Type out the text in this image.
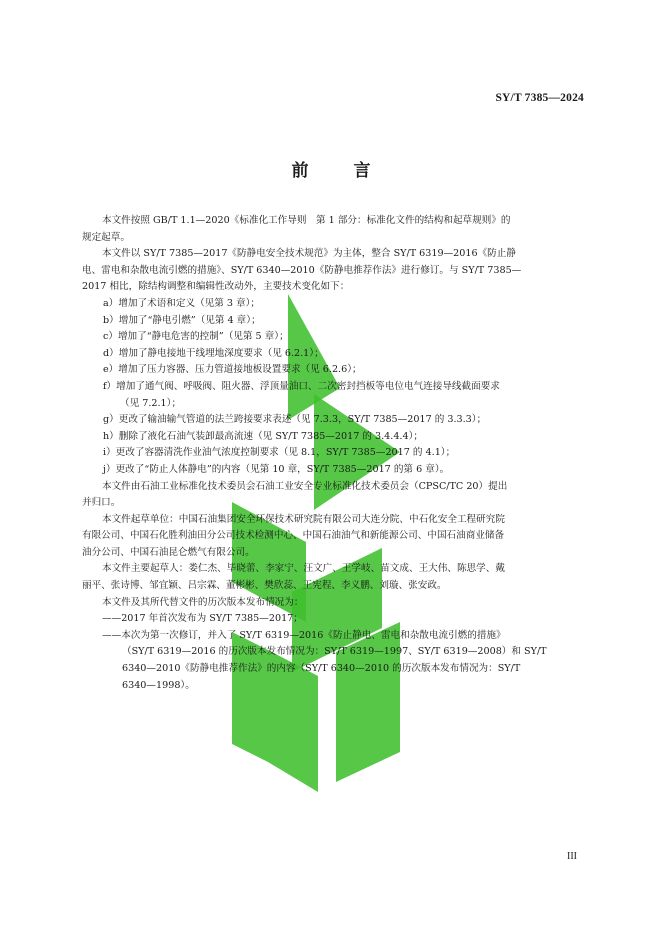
SY/T 7385—2024
前　言
本文件按照 GB/T 1.1—2020《标准化工作导则　第 1 部分：标准化文件的结构和起草规则》的
规定起草。
本文件以 SY/T 7385—2017《防静电安全技术规范》为主体，整合 SY/T 6319—2016《防止静
电、雷电和杂散电流引燃的措施》、SY/T 6340—2010《防静电推荐作法》进行修订。与 SY/T 7385—
2017 相比，除结构调整和编辑性改动外，主要技术变化如下：
a）增加了术语和定义（见第 3 章）；
b）增加了“静电引燃”（见第 4 章）；
c）增加了“静电危害的控制”（见第 5 章）；
d）增加了静电接地干线埋地深度要求（见 6.2.1）；
e）增加了压力容器、压力管道接地板设置要求（见 6.2.6）；
f）增加了通气阀、呼吸阀、阻火器、浮顶量油口、二次密封挡板等电位电气连接导线截面要求
（见 7.2.1）；
g）更改了输油输气管道的法兰跨接要求表述（见 7.3.3，SY/T 7385—2017 的 3.3.3）；
h）删除了液化石油气装卸最高流速（见 SY/T 7385—2017 的 3.4.4.4）；
i）更改了容器清洗作业油气浓度控制要求（见 8.1，SY/T 7385—2017 的 4.1）；
j）更改了“防止人体静电”的内容（见第 10 章，SY/T 7385—2017 的第 6 章）。
本文件由石油工业标准化技术委员会石油工业安全专业标准化技术委员会（CPSC/TC 20）提出
并归口。
本文件起草单位：中国石油集团安全环保技术研究院有限公司大连分院、中石化安全工程研究院
有限公司、中国石化胜利油田分公司技术检测中心、中国石油油气和新能源公司、中国石油商业储备
油分公司、中国石油昆仑燃气有限公司。
本文件主要起草人：娄仁杰、毕晓蕾、李家宁、汪文广、王学岐、苗文成、王大伟、陈思学、戴
丽平、张诗博、邹宜颖、吕宗霖、董彬彬、樊欣蕊、王宪程、李义鹏、刘璇、张安政。
本文件及其所代替文件的历次版本发布情况为：
——2017 年首次发布为 SY/T 7385—2017；
——本次为第一次修订，并入了 SY/T 6319—2016《防止静电、雷电和杂散电流引燃的措施》
（SY/T 6319—2016 的历次版本发布情况为：SY/T 6319—1997、SY/T 6319—2008）和 SY/T
6340—2010《防静电推荐作法》的内容（SY/T 6340—2010 的历次版本发布情况为：SY/T
6340—1998）。
III
